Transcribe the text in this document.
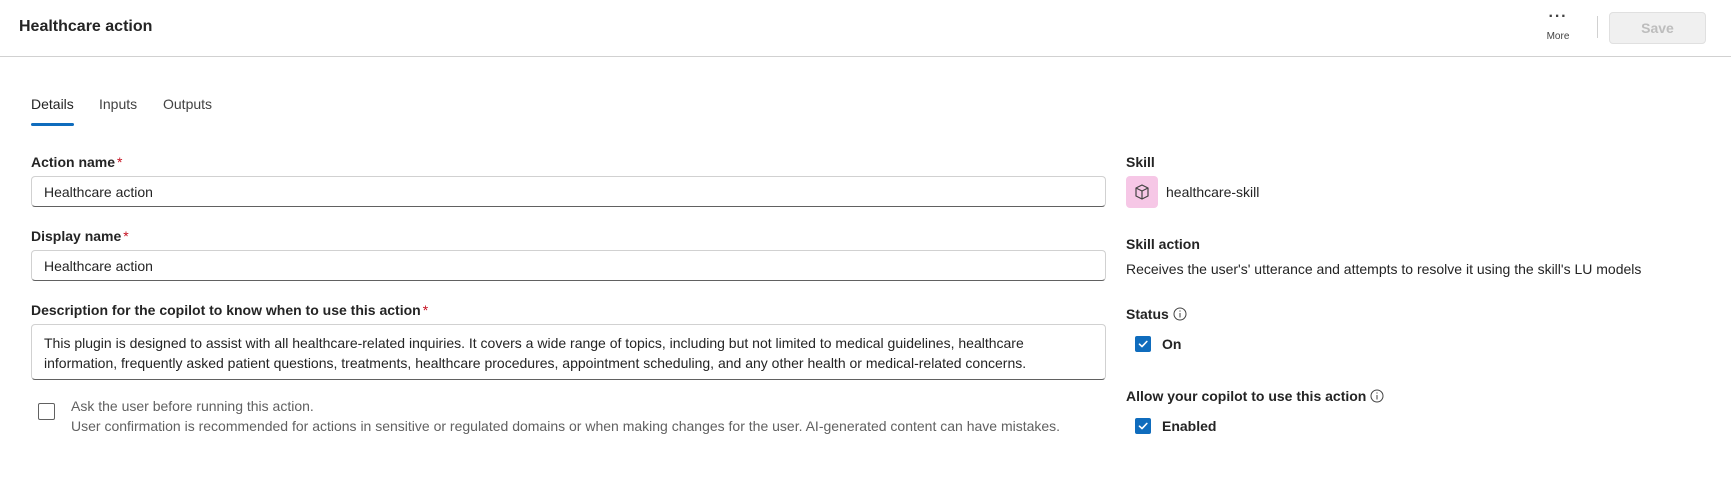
Healthcare action
···
More
Save
Details Inputs Outputs
Action name *
Healthcare action
Display name *
Healthcare action
Description for the copilot to know when to use this action *
This plugin is designed to assist with all healthcare-related inquiries. It covers a wide range of topics, including but not limited to medical guidelines, healthcare information, frequently asked patient questions, treatments, healthcare procedures, appointment scheduling, and any other health or medical-related concerns.
Ask the user before running this action.
User confirmation is recommended for actions in sensitive or regulated domains or when making changes for the user. AI-generated content can have mistakes.
Skill
healthcare-skill
Skill action
Receives the user's' utterance and attempts to resolve it using the skill's LU models
Status
On
Allow your copilot to use this action
Enabled
